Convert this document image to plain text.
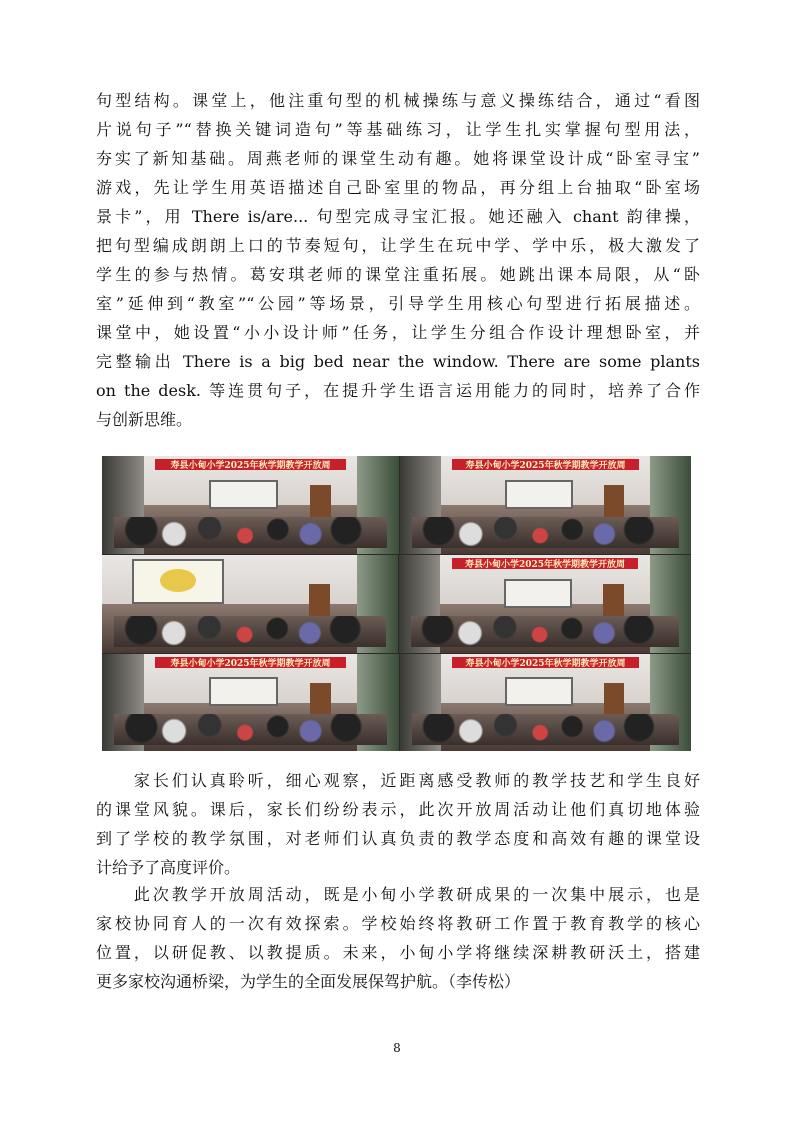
句型结构。课堂上，他注重句型的机械操练与意义操练结合，通过“看图
片说句子”“替换关键词造句”等基础练习，让学生扎实掌握句型用法，
夯实了新知基础。周燕老师的课堂生动有趣。她将课堂设计成“卧室寻宝”
游戏，先让学生用英语描述自己卧室里的物品，再分组上台抽取“卧室场
景卡”，用 There is/are... 句型完成寻宝汇报。她还融入 chant 韵律操，
把句型编成朗朗上口的节奏短句，让学生在玩中学、学中乐，极大激发了
学生的参与热情。葛安琪老师的课堂注重拓展。她跳出课本局限，从“卧
室”延伸到“教室”“公园”等场景，引导学生用核心句型进行拓展描述。
课堂中，她设置“小小设计师”任务，让学生分组合作设计理想卧室，并
完整输出 There is a big bed near the window. There are some plants
on the desk. 等连贯句子，在提升学生语言运用能力的同时，培养了合作
与创新思维。
寿县小甸小学2025年秋学期教学开放周	寿县小甸小学2025年秋学期教学开放周
寿县小甸小学2025年秋学期教学开放周
寿县小甸小学2025年秋学期教学开放周	寿县小甸小学2025年秋学期教学开放周
　　家长们认真聆听，细心观察，近距离感受教师的教学技艺和学生良好
的课堂风貌。课后，家长们纷纷表示，此次开放周活动让他们真切地体验
到了学校的教学氛围，对老师们认真负责的教学态度和高效有趣的课堂设
计给予了高度评价。
　　此次教学开放周活动，既是小甸小学教研成果的一次集中展示，也是
家校协同育人的一次有效探索。学校始终将教研工作置于教育教学的核心
位置，以研促教、以教提质。未来，小甸小学将继续深耕教研沃土，搭建
更多家校沟通桥梁，为学生的全面发展保驾护航。（李传松）
8
